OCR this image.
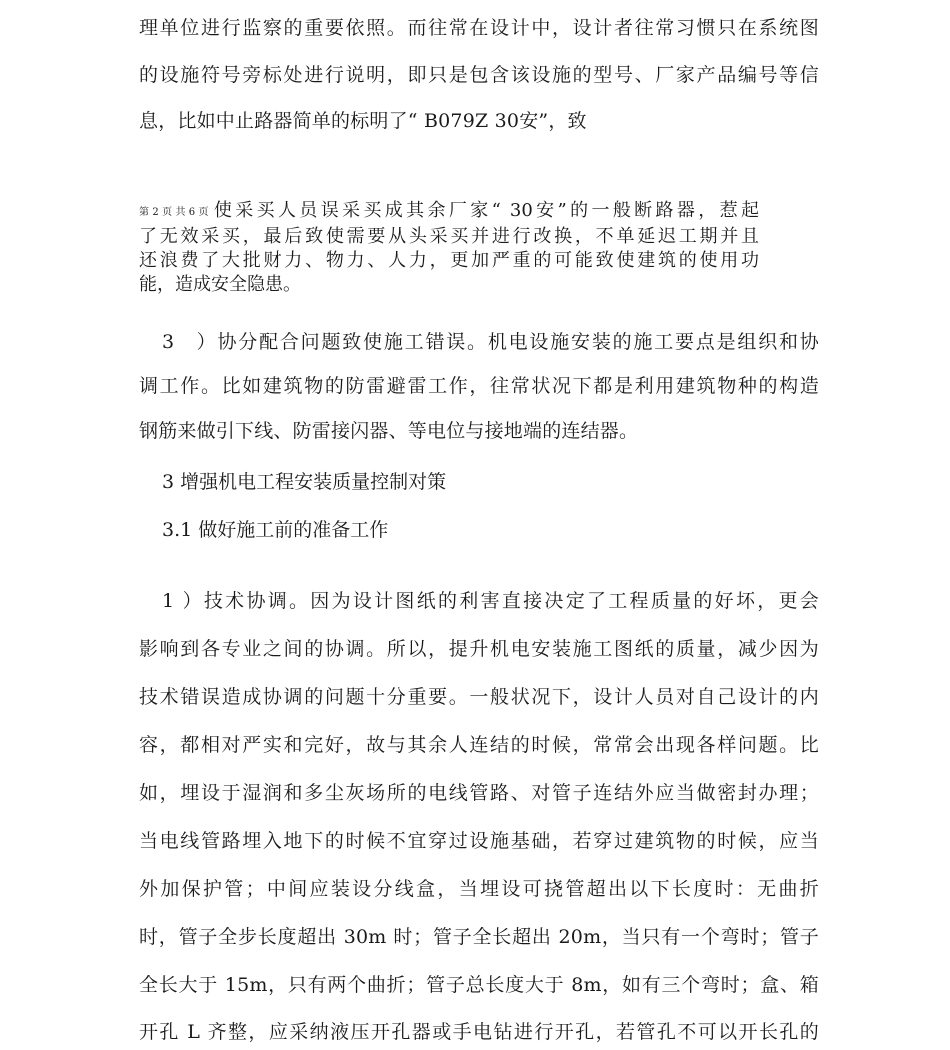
理单位进行监察的重要依照。而往常在设计中，设计者往常习惯只在系统图
的设施符号旁标处进行说明，即只是包含该设施的型号、厂家产品编号等信
息，比如中止路器简单的标明了“ B079Z 30安”，致
第2页共6页 使采买人员误采买成其余厂家“ 30安”的一般断路器，惹起
了无效采买，最后致使需要从头采买并进行改换，不单延迟工期并且
还浪费了大批财力、物力、人力，更加严重的可能致使建筑的使用功
能，造成安全隐患。
3　）协分配合问题致使施工错误。机电设施安装的施工要点是组织和协
调工作。比如建筑物的防雷避雷工作，往常状况下都是利用建筑物种的构造
钢筋来做引下线、防雷接闪器、等电位与接地端的连结器。
3 增强机电工程安装质量控制对策
3.1 做好施工前的准备工作
1 ）技术协调。因为设计图纸的利害直接决定了工程质量的好坏，更会
影响到各专业之间的协调。所以，提升机电安装施工图纸的质量，减少因为
技术错误造成协调的问题十分重要。一般状况下，设计人员对自己设计的内
容，都相对严实和完好，故与其余人连结的时候，常常会出现各样问题。比
如，埋设于湿润和多尘灰场所的电线管路、对管子连结外应当做密封办理；
当电线管路埋入地下的时候不宜穿过设施基础，若穿过建筑物的时候，应当
外加保护管；中间应装设分线盒，当埋设可挠管超出以下长度时：无曲折
时，管子全步长度超出 30m 时；管子全长超出 20m，当只有一个弯时；管子
全长大于 15m，只有两个曲折；管子总长度大于 8m，如有三个弯时；盒、箱
开孔 L 齐整，应采纳液压开孔器或手电钻进行开孔，若管孔不可以开长孔的
